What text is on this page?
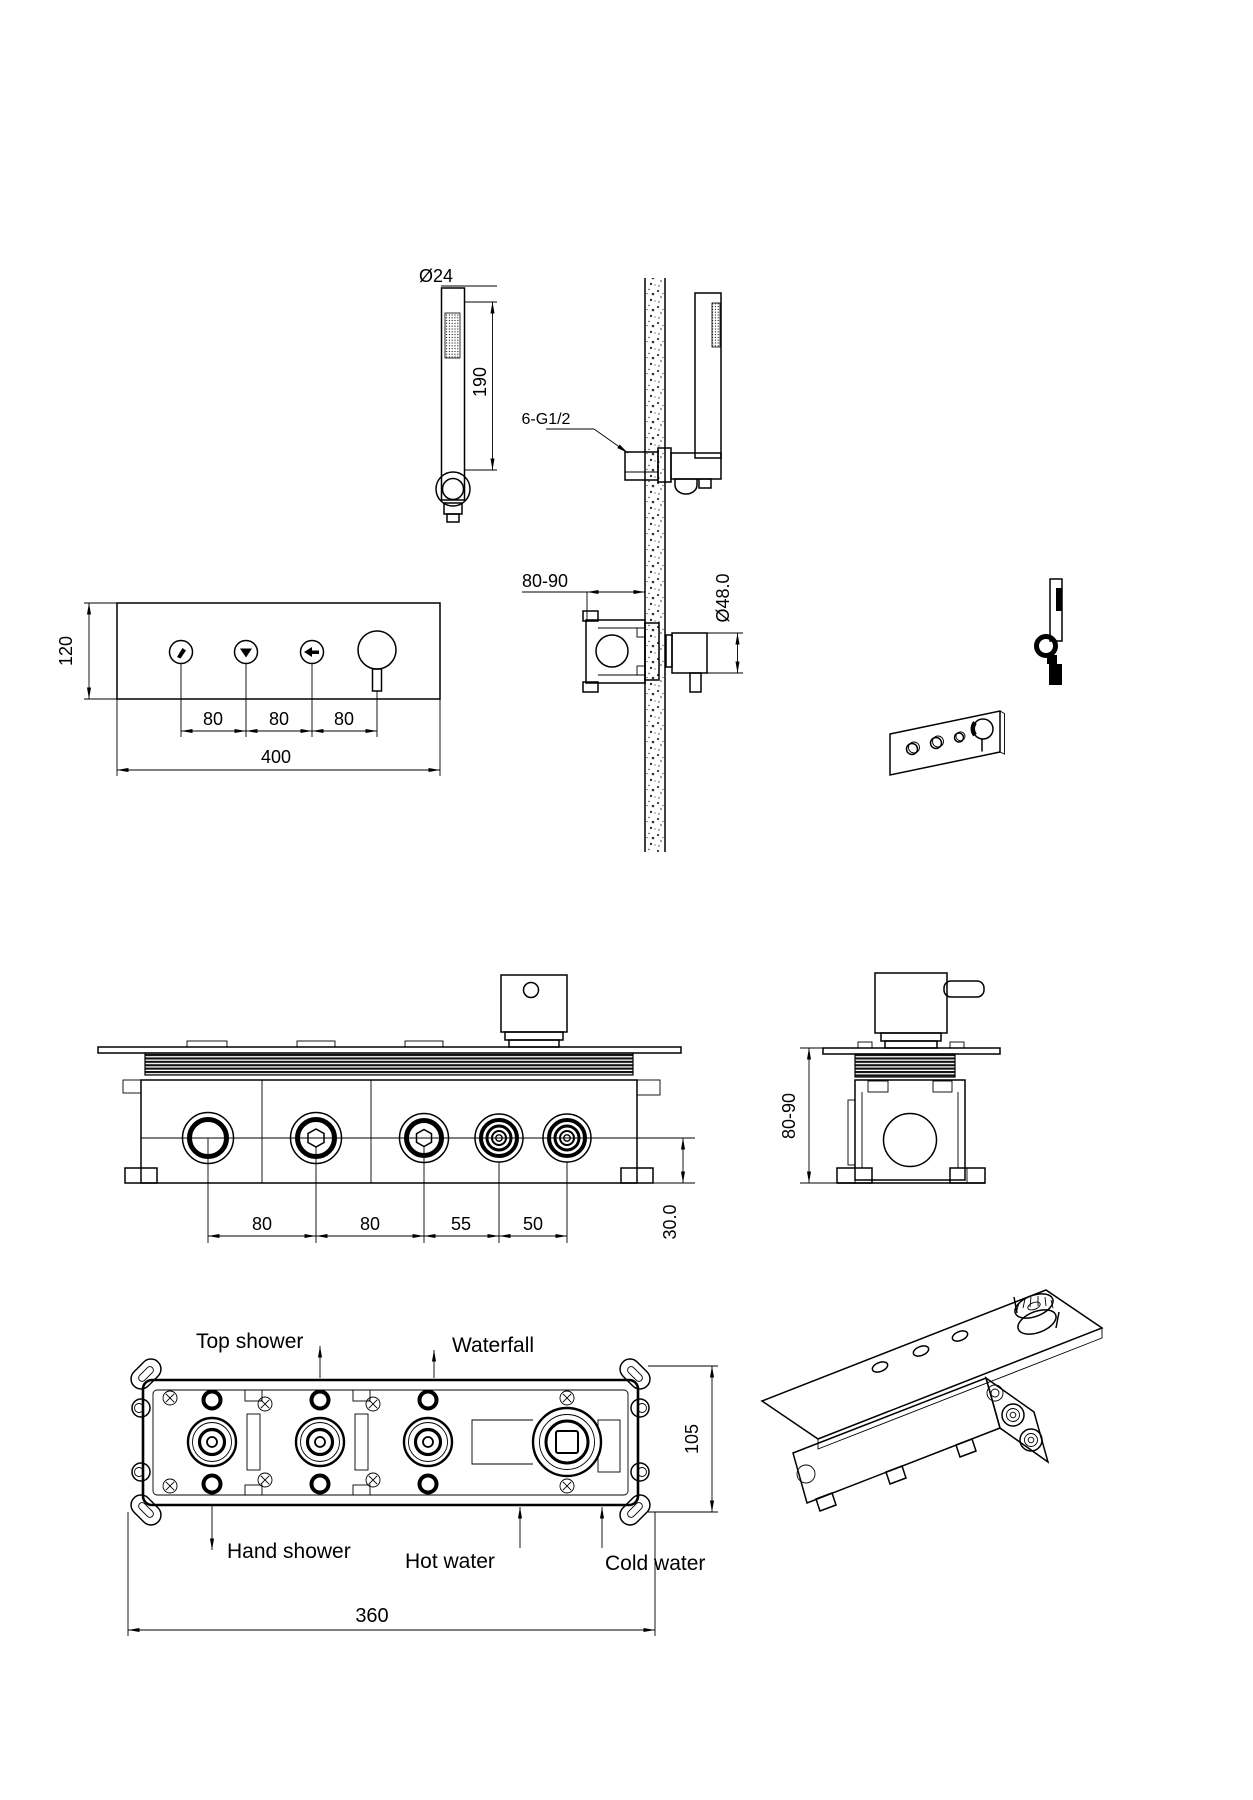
Ø24
190
6-G1/2
80-90	Ø48.0
120
80	80 80
400
80	80	55	50	30.0
80-90
Top shower	Waterfall
Hand shower	Hot water	Cold water
105
360
